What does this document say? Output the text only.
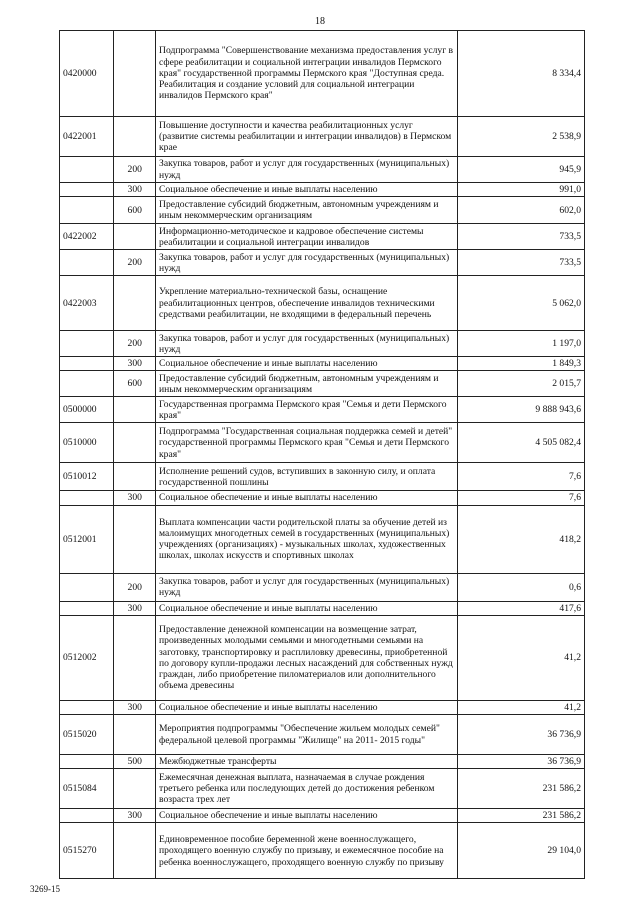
18
0420000		Подпрограмма "Совершенствование механизма предоставления услуг в сфере реабилитации и социальной интеграции инвалидов Пермского края" государственной программы Пермского края "Доступная среда. Реабилитация и создание условий для социальной интеграции инвалидов Пермского края"	8 334,4
0422001		Повышение доступности и качества реабилитационных услуг (развитие системы реабилитации и интеграции инвалидов) в Пермском крае	2 538,9
	200	Закупка товаров, работ и услуг для государственных (муниципальных) нужд	945,9
	300	Социальное обеспечение и иные выплаты населению	991,0
	600	Предоставление субсидий бюджетным, автономным учреждениям и иным некоммерческим организациям	602,0
0422002		Информационно-методическое и кадровое обеспечение системы реабилитации и социальной интеграции инвалидов	733,5
	200	Закупка товаров, работ и услуг для государственных (муниципальных) нужд	733,5
0422003		Укрепление материально-технической базы, оснащение реабилитационных центров, обеспечение инвалидов техническими средствами реабилитации, не входящими в федеральный перечень	5 062,0
	200	Закупка товаров, работ и услуг для государственных (муниципальных) нужд	1 197,0
	300	Социальное обеспечение и иные выплаты населению	1 849,3
	600	Предоставление субсидий бюджетным, автономным учреждениям и иным некоммерческим организациям	2 015,7
0500000		Государственная программа Пермского края "Семья и дети Пермского края"	9 888 943,6
0510000		Подпрограмма "Государственная социальная поддержка семей и детей" государственной программы Пермского края "Семья и дети Пермского края"	4 505 082,4
0510012		Исполнение решений судов, вступивших в законную силу, и оплата государственной пошлины	7,6
	300	Социальное обеспечение и иные выплаты населению	7,6
0512001		Выплата компенсации части родительской платы за обучение детей из малоимущих многодетных семей в государственных (муниципальных) учреждениях (организациях) - музыкальных школах, художественных школах, школах искусств и спортивных школах	418,2
	200	Закупка товаров, работ и услуг для государственных (муниципальных) нужд	0,6
	300	Социальное обеспечение и иные выплаты населению	417,6
0512002		Предоставление денежной компенсации на возмещение затрат, произведенных молодыми семьями и многодетными семьями на заготовку, транспортировку и расплиловку древесины, приобретенной по договору купли-продажи лесных насаждений для собственных нужд граждан, либо приобретение пиломатериалов или дополнительного объема древесины	41,2
	300	Социальное обеспечение и иные выплаты населению	41,2
0515020		Мероприятия подпрограммы "Обеспечение жильем молодых семей" федеральной целевой программы "Жилище" на 2011- 2015 годы"	36 736,9
	500	Межбюджетные трансферты	36 736,9
0515084		Ежемесячная денежная выплата, назначаемая в случае рождения третьего ребенка или последующих детей до достижения ребенком возраста трех лет	231 586,2
	300	Социальное обеспечение и иные выплаты населению	231 586,2
0515270		Единовременное пособие беременной жене военнослужащего, проходящего военную службу по призыву, и ежемесячное пособие на ребенка военнослужащего, проходящего военную службу по призыву	29 104,0
3269-15
